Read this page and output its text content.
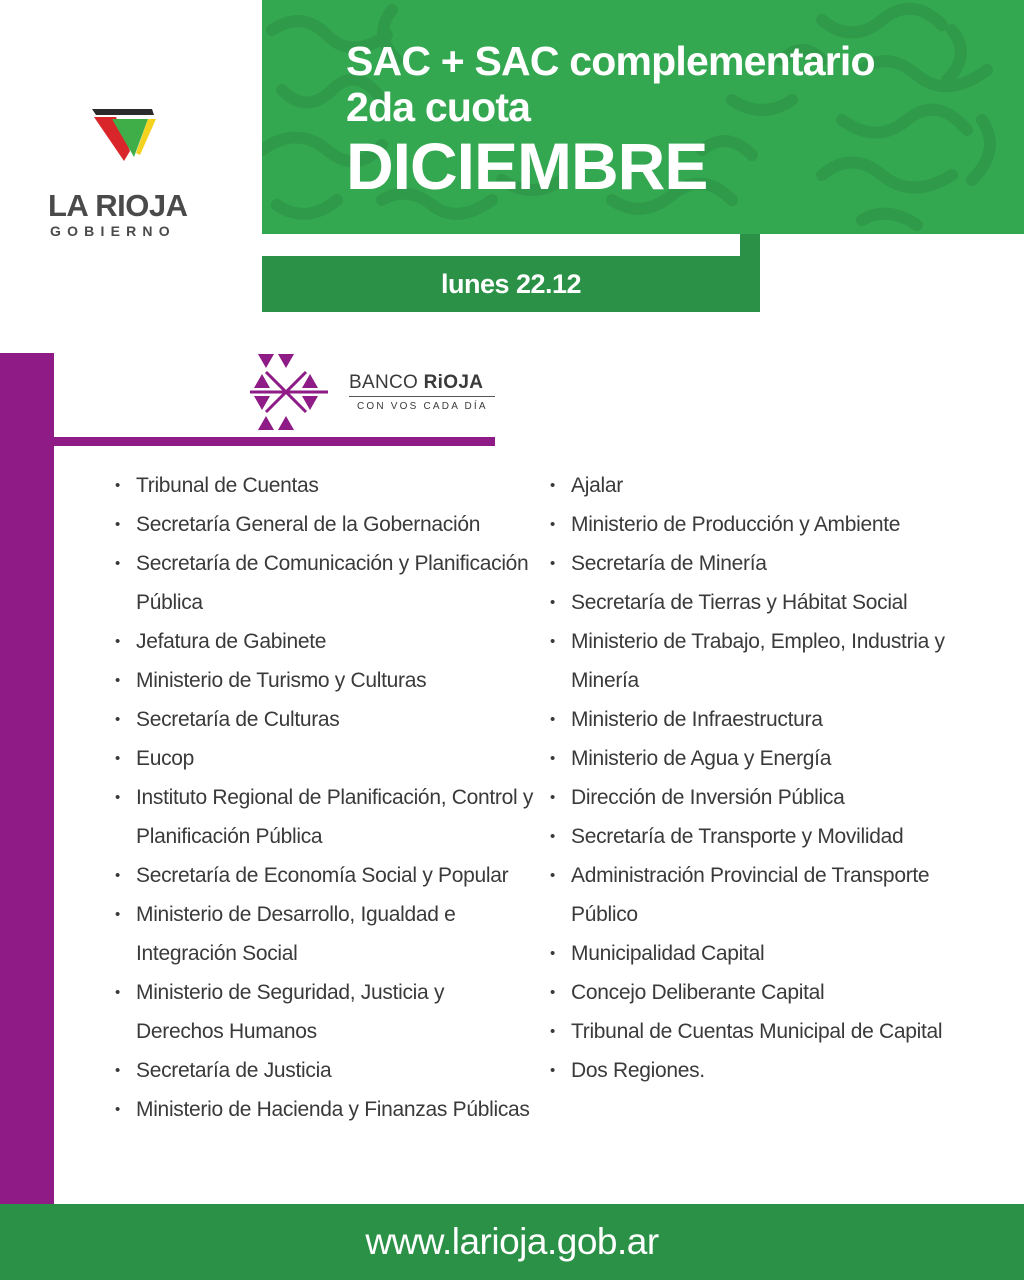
LA RIOJA
GOBIERNO
SAC + SAC complementario
2da cuota
DICIEMBRE
lunes 22.12
BANCO RiOJA
CON VOS CADA DÍA
• Tribunal de Cuentas
• Secretaría General de la Gobernación
• Secretaría de Comunicación y Planificación Pública
• Jefatura de Gabinete
• Ministerio de Turismo y Culturas
• Secretaría de Culturas
• Eucop
• Instituto Regional de Planificación, Control y Planificación Pública
• Secretaría de Economía Social y Popular
• Ministerio de Desarrollo, Igualdad e Integración Social
• Ministerio de Seguridad, Justicia y Derechos Humanos
• Secretaría de Justicia
• Ministerio de Hacienda y Finanzas Públicas
• Ajalar
• Ministerio de Producción y Ambiente
• Secretaría de Minería
• Secretaría de Tierras y Hábitat Social
• Ministerio de Trabajo, Empleo, Industria y Minería
• Ministerio de Infraestructura
• Ministerio de Agua y Energía
• Dirección de Inversión Pública
• Secretaría de Transporte y Movilidad
• Administración Provincial de Transporte Público
• Municipalidad Capital
• Concejo Deliberante Capital
• Tribunal de Cuentas Municipal de Capital
• Dos Regiones.
www.larioja.gob.ar
